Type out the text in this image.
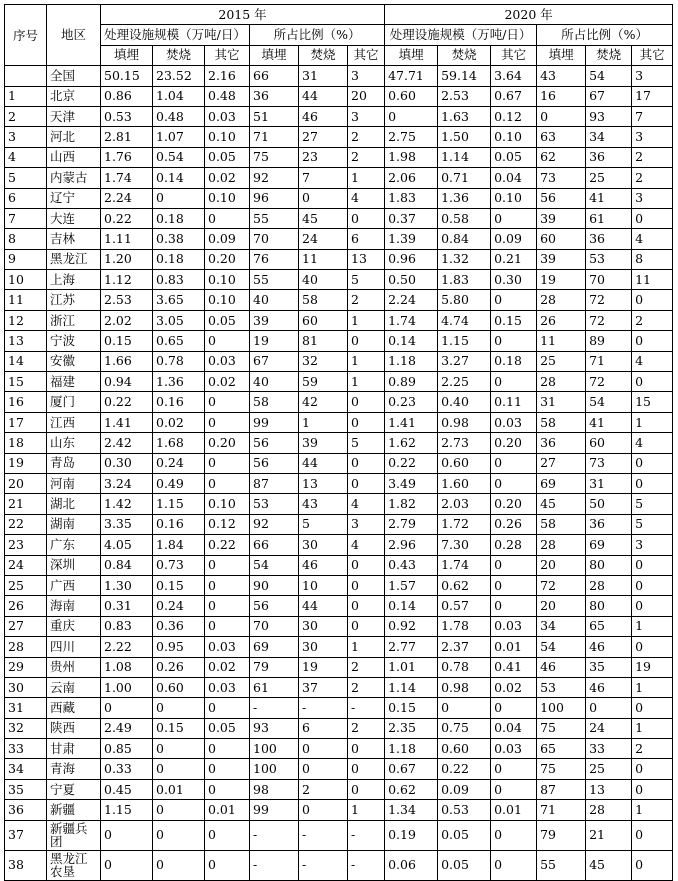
序号	地区	2015 年						2020 年					
		处理设施规模（万吨/日）			所占比例（%）			处理设施规模（万吨/日）			所占比例（%）		
		填埋	焚烧	其它	填埋	焚烧	其它	填埋	焚烧	其它	填埋	焚烧	其它
	全国	50.15	23.52	2.16	66	31	3	47.71	59.14	3.64	43	54	3
1	北京	0.86	1.04	0.48	36	44	20	0.60	2.53	0.67	16	67	17
2	天津	0.53	0.48	0.03	51	46	3	0	1.63	0.12	0	93	7
3	河北	2.81	1.07	0.10	71	27	2	2.75	1.50	0.10	63	34	3
4	山西	1.76	0.54	0.05	75	23	2	1.98	1.14	0.05	62	36	2
5	内蒙古	1.74	0.14	0.02	92	7	1	2.06	0.71	0.04	73	25	2
6	辽宁	2.24	0	0.10	96	0	4	1.83	1.36	0.10	56	41	3
7	大连	0.22	0.18	0	55	45	0	0.37	0.58	0	39	61	0
8	吉林	1.11	0.38	0.09	70	24	6	1.39	0.84	0.09	60	36	4
9	黑龙江	1.20	0.18	0.20	76	11	13	0.96	1.32	0.21	39	53	8
10	上海	1.12	0.83	0.10	55	40	5	0.50	1.83	0.30	19	70	11
11	江苏	2.53	3.65	0.10	40	58	2	2.24	5.80	0	28	72	0
12	浙江	2.02	3.05	0.05	39	60	1	1.74	4.74	0.15	26	72	2
13	宁波	0.15	0.65	0	19	81	0	0.14	1.15	0	11	89	0
14	安徽	1.66	0.78	0.03	67	32	1	1.18	3.27	0.18	25	71	4
15	福建	0.94	1.36	0.02	40	59	1	0.89	2.25	0	28	72	0
16	厦门	0.22	0.16	0	58	42	0	0.23	0.40	0.11	31	54	15
17	江西	1.41	0.02	0	99	1	0	1.41	0.98	0.03	58	41	1
18	山东	2.42	1.68	0.20	56	39	5	1.62	2.73	0.20	36	60	4
19	青岛	0.30	0.24	0	56	44	0	0.22	0.60	0	27	73	0
20	河南	3.24	0.49	0	87	13	0	3.49	1.60	0	69	31	0
21	湖北	1.42	1.15	0.10	53	43	4	1.82	2.03	0.20	45	50	5
22	湖南	3.35	0.16	0.12	92	5	3	2.79	1.72	0.26	58	36	5
23	广东	4.05	1.84	0.22	66	30	4	2.96	7.30	0.28	28	69	3
24	深圳	0.84	0.73	0	54	46	0	0.43	1.74	0	20	80	0
25	广西	1.30	0.15	0	90	10	0	1.57	0.62	0	72	28	0
26	海南	0.31	0.24	0	56	44	0	0.14	0.57	0	20	80	0
27	重庆	0.83	0.36	0	70	30	0	0.92	1.78	0.03	34	65	1
28	四川	2.22	0.95	0.03	69	30	1	2.77	2.37	0.01	54	46	0
29	贵州	1.08	0.26	0.02	79	19	2	1.01	0.78	0.41	46	35	19
30	云南	1.00	0.60	0.03	61	37	2	1.14	0.98	0.02	53	46	1
31	西藏	0	0	0	-	-	-	0.15	0	0	100	0	0
32	陕西	2.49	0.15	0.05	93	6	2	2.35	0.75	0.04	75	24	1
33	甘肃	0.85	0	0	100	0	0	1.18	0.60	0.03	65	33	2
34	青海	0.33	0	0	100	0	0	0.67	0.22	0	75	25	0
35	宁夏	0.45	0.01	0	98	2	0	0.62	0.09	0	87	13	0
36	新疆	1.15	0	0.01	99	0	1	1.34	0.53	0.01	71	28	1
37	新疆兵团	0	0	0	-	-	-	0.19	0.05	0	79	21	0
38	黑龙江农垦	0	0	0	-	-	-	0.06	0.05	0	55	45	0
